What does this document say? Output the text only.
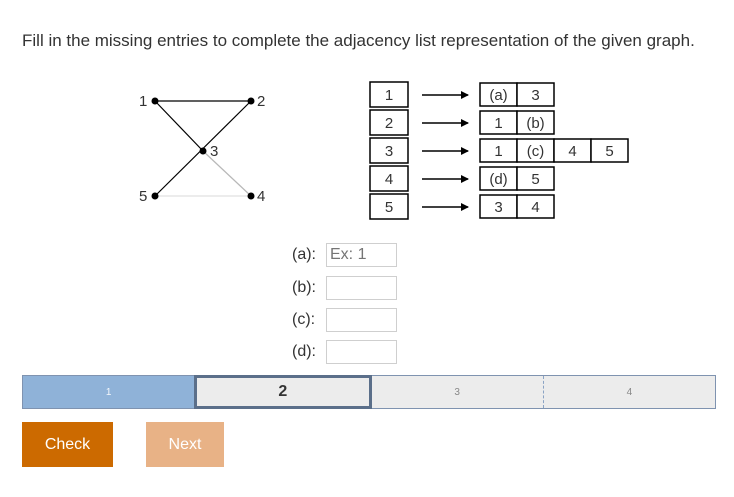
Fill in the missing entries to complete the adjacency list representation of the given graph.
1	2
3
4
5
1	(a) 3
2	1 (b)
3	1 (c) 4 5
4	(d) 5
5	3 4
(a):
Ex: 1
(b):
(c):
(d):
1	2	3	4
Check	Next
